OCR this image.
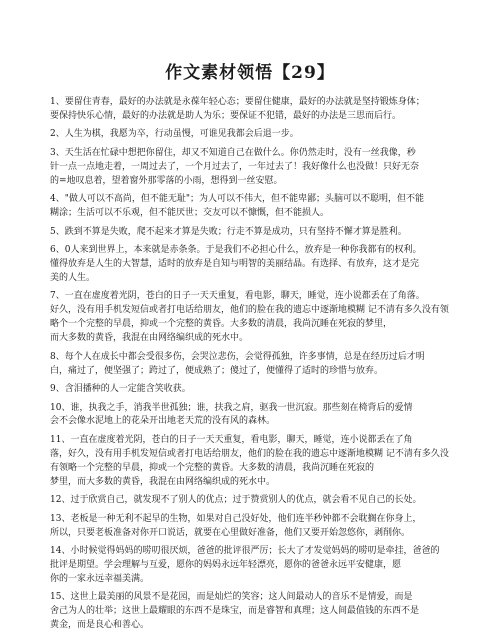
作文素材领悟【29】
1、要留住青春，最好的办法就是永葆年轻心态；要留住健康，最好的办法就是坚持锻炼身体；
要保持快乐心情，最好的办法就是助人为乐；要保证不犯错，最好的办法是三思而后行。
2、人生为棋，我愿为卒，行动虽慢，可谁见我都会后退一步。
3、天生活在忙碌中想把你留住，却又不知道自己在做什么。你仍然走时，没有一丝我像，秒
针一点一点地走着，一周过去了，一个月过去了，一年过去了！我好像什么也没做！只好无奈
的=地叹息着，望着窗外那零落的小雨，想得到一丝安慰。
4、"做人可以不高尚，但不能无耻"；为人可以不伟大，但不能卑鄙；头脑可以不聪明，但不能
糊涂；生活可以不乐观，但不能厌世；交友可以不慷慨，但不能损人。
5、跌到不算是失败，爬不起来才算是失败；行走不算是成功，只有坚持不懈才算是胜利。
6、0人来到世界上，本来就是赤条条。于是我们不必担心什么，放弃是一种你我都有的权利。
懂得放弃是人生的大智慧，适时的放弃是自知与明智的美丽结晶。有选择、有放弃，这才是完
美的人生。
7、一直在虚度着光阴，苍白的日子一天天重复，看电影，聊天，睡觉，连小说都丢在了角落。
好久，没有用手机发短信或者打电话给朋友，他们的脸在我的遗忘中逐渐地模糊 记不清有多久没有领
略个一个完整的早晨，抑或一个完整的黄昏。大多数的清晨，我尚沉睡在死寂的梦里，
而大多数的黄昏，我混在由网络编织成的死水中。
8、每个人在成长中都会受很多伤，会哭泣悲伤，会觉得孤独，许多事情，总是在经历过后才明
白，痛过了，便坚强了；跨过了，便成熟了；傻过了，便懂得了适时的珍惜与放弃。
9、含泪播种的人一定能含笑收获。
10、谁，执我之手，消我半世孤独；谁，扶我之肩，驱我一世沉寂。那些刻在椅背后的爱情
会不会像水泥地上的花朵开出地老天荒的没有风的森林。
11、一直在虚度着光阴，苍白的日子一天天重复，看电影，聊天，睡觉，连小说都丢在了角
落，好久，没有用手机发短信或者打电话给朋友，他们的脸在我的遗忘中逐渐地模糊 记不清有多久没
有领略一个完整的早晨，抑或一个完整的黄昏。大多数的清晨，我尚沉睡在死寂的
梦里，而大多数的黄昏，我混在由网络编织成的死水中。
12、过于欣赏自己，就发现不了别人的优点；过于赞赏别人的优点，就会看不见自己的长处。
13、老板是一种无利不起早的生物，如果对自己没好处，他们连半秒钟都不会耽搁在你身上，
所以，只要老板准备对你开口说话，就要在心里做好准备，他们又要开始忽悠你，剥削你。
14、小时候觉得妈妈的唠叨很厌烦，爸爸的批评很严厉；长大了才发觉妈妈的唠叨是牵挂，爸爸的
批评是期望。学会理解与互爱，愿你的妈妈永远年轻漂亮，愿你的爸爸永远平安健康，愿
你的一家永远幸福美满。
15、这世上最美丽的风景不是花园，而是灿烂的笑容；这人间最动人的音乐不是情爱，而是
舍己为人的壮举；这世上最耀眼的东西不是珠宝，而是睿智和真理；这人间最值钱的东西不是
黄金，而是良心和善心。
